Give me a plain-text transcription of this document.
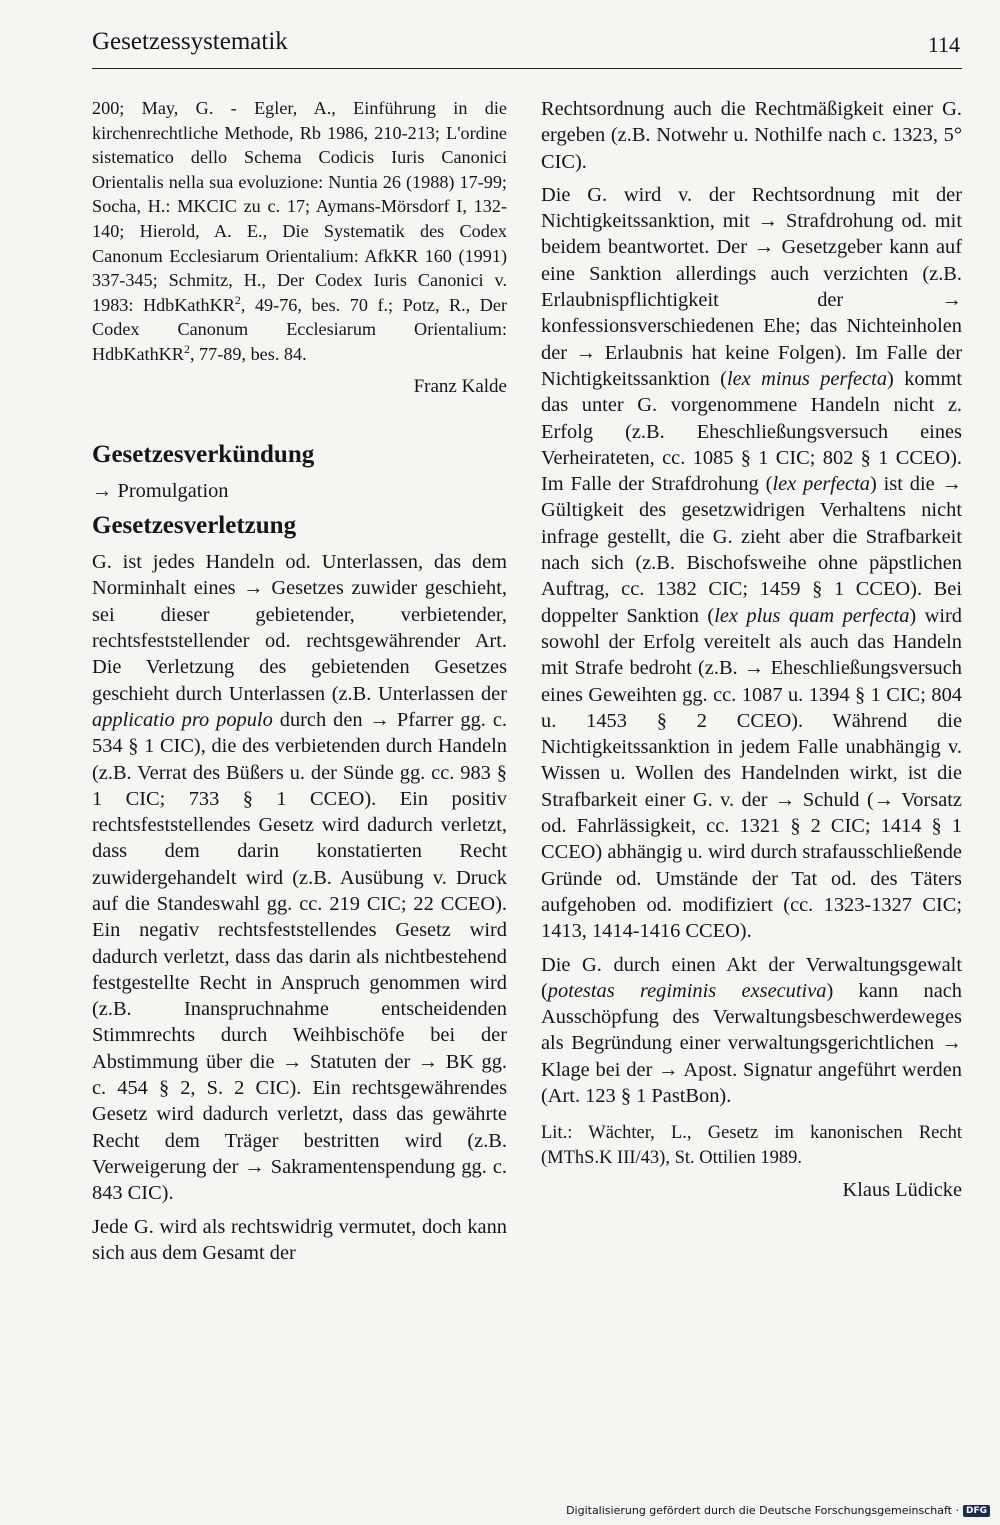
Gesetzessystematik	114

200; May, G. - Egler, A., Einführung in die kirchenrechtliche Methode, Rb 1986, 210-213; L'ordine sistematico dello Schema Codicis Iuris Canonici Orientalis nella sua evoluzione: Nuntia 26 (1988) 17-99; Socha, H.: MKCIC zu c. 17; Aymans-Mörsdorf I, 132-140; Hierold, A. E., Die Systematik des Codex Canonum Ecclesiarum Orientalium: AfkKR 160 (1991) 337-345; Schmitz, H., Der Codex Iuris Canonici v. 1983: HdbKathKR$^2$, 49-76, bes. 70 f.; Potz, R., Der Codex Canonum Ecclesiarum Orientalium: HdbKathKR$^2$, 77-89, bes. 84.

Franz Kalde

Gesetzesverkündung

→ Promulgation

Gesetzesverletzung

G. ist jedes Handeln od. Unterlassen, das dem Norminhalt eines → Gesetzes zuwider geschieht, sei dieser gebietender, verbietender, rechtsfeststellender od. rechtsgewährender Art. Die Verletzung des gebietenden Gesetzes geschieht durch Unterlassen (z.B. Unterlassen der applicatio pro populo durch den → Pfarrer gg. c. 534 § 1 CIC), die des verbietenden durch Handeln (z.B. Verrat des Büßers u. der Sünde gg. cc. 983 § 1 CIC; 733 § 1 CCEO). Ein positiv rechtsfeststellendes Gesetz wird dadurch verletzt, dass dem darin konstatierten Recht zuwidergehandelt wird (z.B. Ausübung v. Druck auf die Standeswahl gg. cc. 219 CIC; 22 CCEO). Ein negativ rechtsfeststellendes Gesetz wird dadurch verletzt, dass das darin als nichtbestehend festgestellte Recht in Anspruch genommen wird (z.B. Inanspruchnahme entscheidenden Stimmrechts durch Weihbischöfe bei der Abstimmung über die → Statuten der → BK gg. c. 454 § 2, S. 2 CIC). Ein rechtsgewährendes Gesetz wird dadurch verletzt, dass das gewährte Recht dem Träger bestritten wird (z.B. Verweigerung der → Sakramentenspendung gg. c. 843 CIC).

Jede G. wird als rechtswidrig vermutet, doch kann sich aus dem Gesamt der

Rechtsordnung auch die Rechtmäßigkeit einer G. ergeben (z.B. Notwehr u. Nothilfe nach c. 1323, 5° CIC).

Die G. wird v. der Rechtsordnung mit der Nichtigkeitssanktion, mit → Strafdrohung od. mit beidem beantwortet. Der → Gesetzgeber kann auf eine Sanktion allerdings auch verzichten (z.B. Erlaubnispflichtigkeit der → konfessionsverschiedenen Ehe; das Nichteinholen der → Erlaubnis hat keine Folgen). Im Falle der Nichtigkeitssanktion (lex minus perfecta) kommt das unter G. vorgenommene Handeln nicht z. Erfolg (z.B. Eheschließungsversuch eines Verheirateten, cc. 1085 § 1 CIC; 802 § 1 CCEO). Im Falle der Strafdrohung (lex perfecta) ist die → Gültigkeit des gesetzwidrigen Verhaltens nicht infrage gestellt, die G. zieht aber die Strafbarkeit nach sich (z.B. Bischofsweihe ohne päpstlichen Auftrag, cc. 1382 CIC; 1459 § 1 CCEO). Bei doppelter Sanktion (lex plus quam perfecta) wird sowohl der Erfolg vereitelt als auch das Handeln mit Strafe bedroht (z.B. → Eheschließungsversuch eines Geweihten gg. cc. 1087 u. 1394 § 1 CIC; 804 u. 1453 § 2 CCEO). Während die Nichtigkeitssanktion in jedem Falle unabhängig v. Wissen u. Wollen des Handelnden wirkt, ist die Strafbarkeit einer G. v. der → Schuld (→ Vorsatz od. Fahrlässigkeit, cc. 1321 § 2 CIC; 1414 § 1 CCEO) abhängig u. wird durch strafausschließende Gründe od. Umstände der Tat od. des Täters aufgehoben od. modifiziert (cc. 1323-1327 CIC; 1413, 1414-1416 CCEO).

Die G. durch einen Akt der Verwaltungsgewalt (potestas regiminis exsecutiva) kann nach Ausschöpfung des Verwaltungsbeschwerdeweges als Begründung einer verwaltungsgerichtlichen → Klage bei der → Apost. Signatur angeführt werden (Art. 123 § 1 PastBon).

Lit.: Wächter, L., Gesetz im kanonischen Recht (MThS.K III/43), St. Ottilien 1989.

Klaus Lüdicke

Digitalisierung gefördert durch die Deutsche Forschungsgemeinschaft · DFG
